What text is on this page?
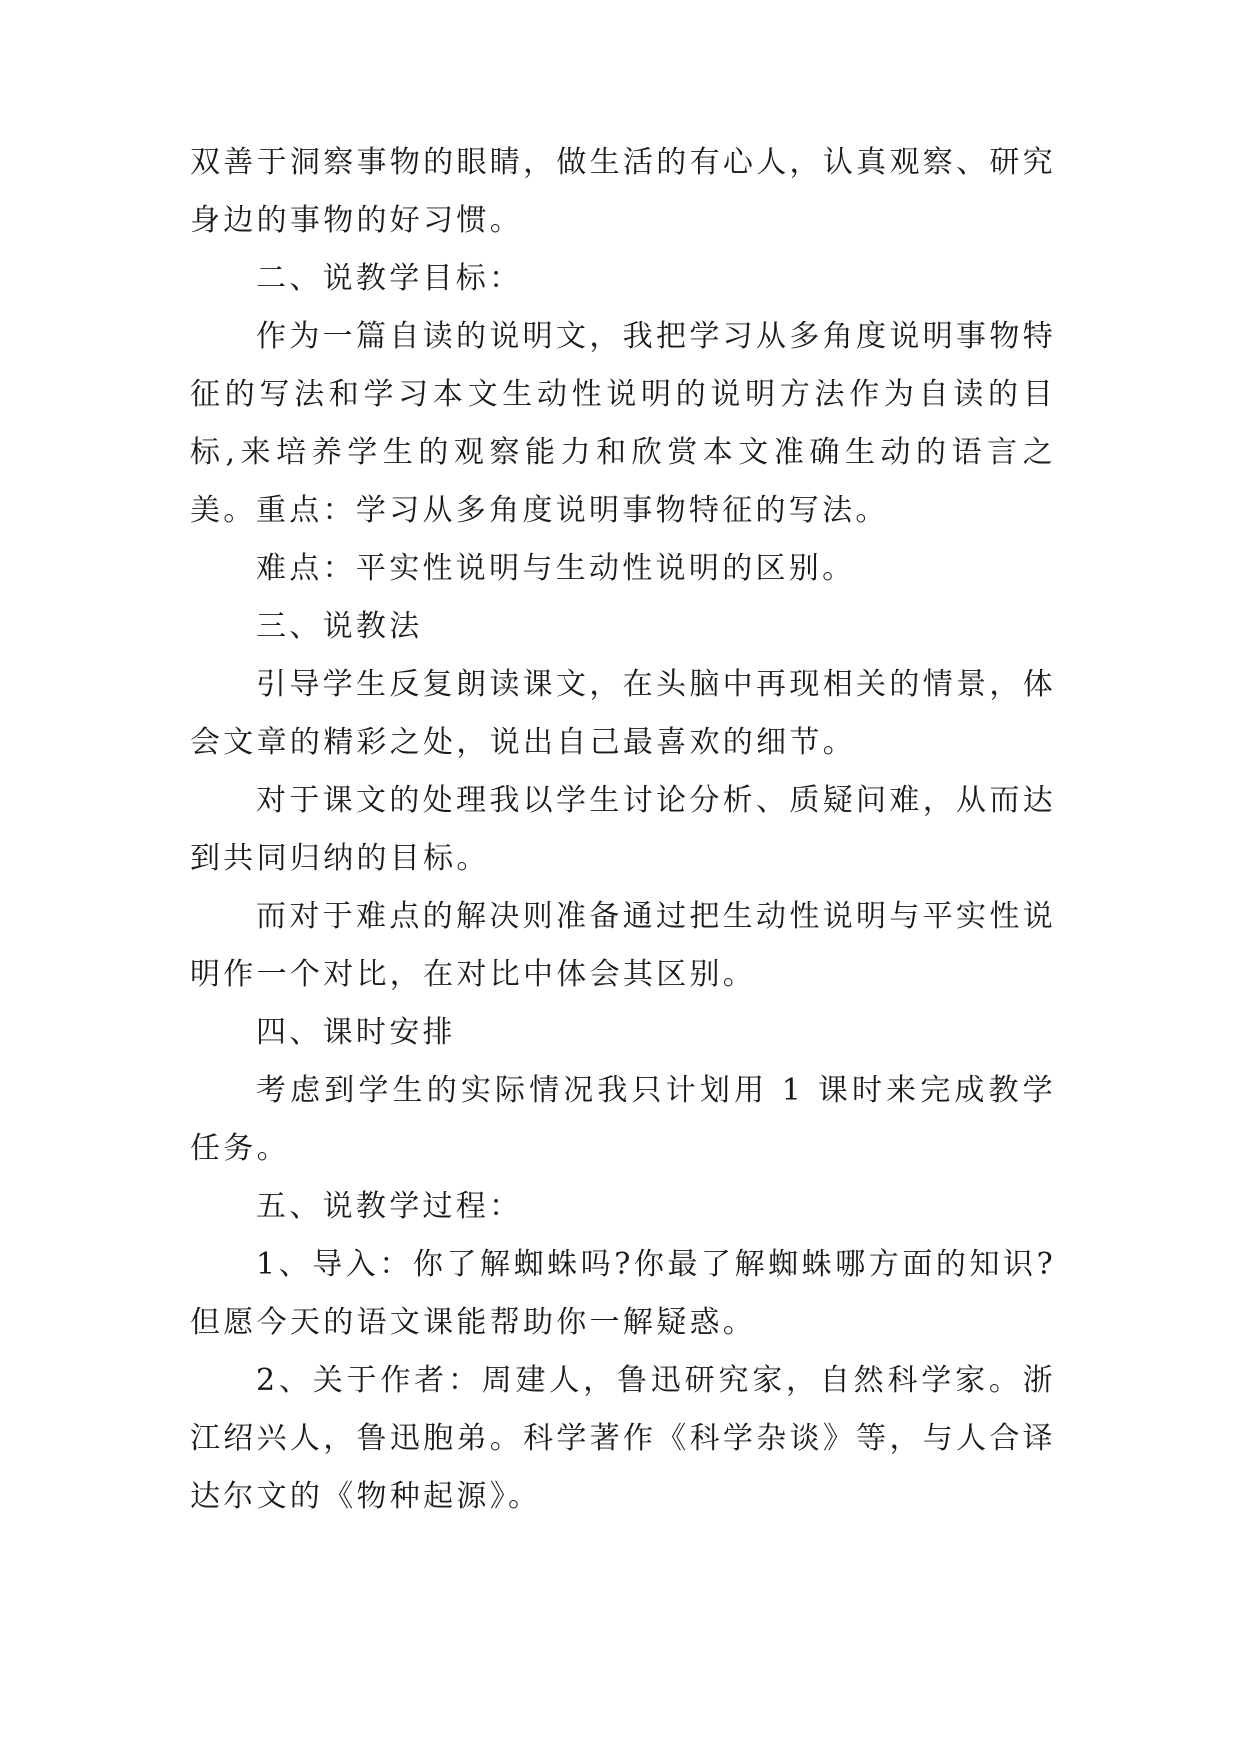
双善于洞察事物的眼睛，做生活的有心人，认真观察、研究身边的事物的好习惯。

二、说教学目标：

作为一篇自读的说明文，我把学习从多角度说明事物特征的写法和学习本文生动性说明的说明方法作为自读的目标,来培养学生的观察能力和欣赏本文准确生动的语言之美。 重点：学习从多角度说明事物特征的写法。

难点：平实性说明与生动性说明的区别。

三、说教法

引导学生反复朗读课文，在头脑中再现相关的情景，体会文章的精彩之处，说出自己最喜欢的细节。

对于课文的处理我以学生讨论分析、质疑问难，从而达到共同归纳的目标。

而对于难点的解决则准备通过把生动性说明与平实性说明作一个对比，在对比中体会其区别。

四、课时安排

考虑到学生的实际情况我只计划用 1 课时来完成教学任务。

五、说教学过程：

1、导入：你了解蜘蛛吗?你最了解蜘蛛哪方面的知识?但愿今天的语文课能帮助你一解疑惑。

2、关于作者：周建人，鲁迅研究家，自然科学家。浙江绍兴人，鲁迅胞弟。科学著作《科学杂谈》等，与人合译达尔文的《物种起源》。
